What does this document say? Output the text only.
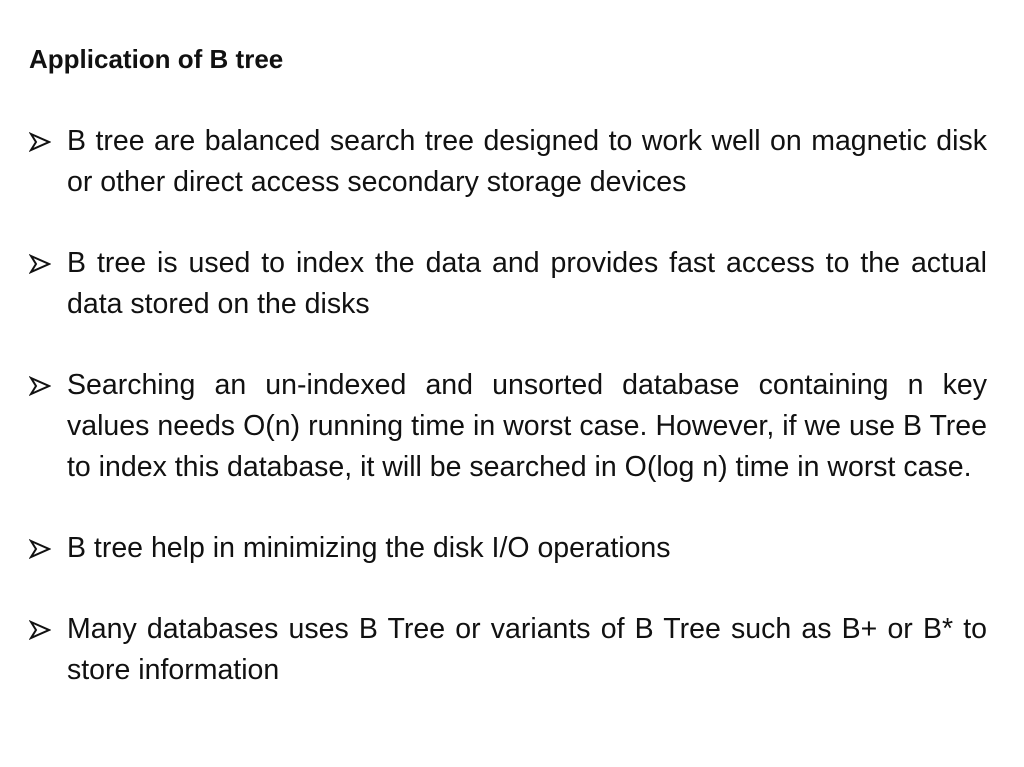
Application of B tree
B tree are balanced search tree designed to work well on magnetic disk or other direct access secondary storage devices
B tree is used to index the data and provides fast access to the actual data stored on the disks
Searching an un-indexed and unsorted database containing n key values needs O(n) running time in worst case. However, if we use B Tree to index this database, it will be searched in O(log n) time in worst case.
B tree help in minimizing the disk I/O operations
Many databases uses B Tree or variants of B Tree such as B+ or B* to store information
